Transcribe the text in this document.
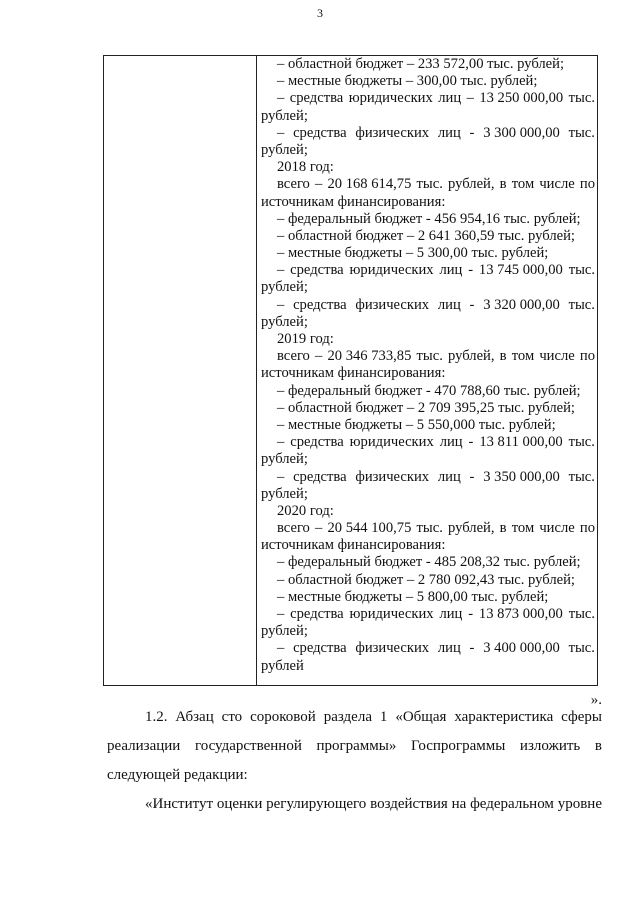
3
– областной бюджет – 233 572,00 тыс. рублей;
– местные бюджеты – 300,00 тыс. рублей;
– средства юридических лиц – 13 250 000,00 тыс.
рублей;
– средства физических лиц - 3 300 000,00 тыс.
рублей;
2018 год:
всего – 20 168 614,75 тыс. рублей, в том числе по
источникам финансирования:
– федеральный бюджет - 456 954,16 тыс. рублей;
– областной бюджет – 2 641 360,59 тыс. рублей;
– местные бюджеты – 5 300,00 тыс. рублей;
– средства юридических лиц - 13 745 000,00 тыс.
рублей;
– средства физических лиц - 3 320 000,00 тыс.
рублей;
2019 год:
всего – 20 346 733,85 тыс. рублей, в том числе по
источникам финансирования:
– федеральный бюджет - 470 788,60 тыс. рублей;
– областной бюджет – 2 709 395,25 тыс. рублей;
– местные бюджеты – 5 550,000 тыс. рублей;
– средства юридических лиц - 13 811 000,00 тыс.
рублей;
– средства физических лиц - 3 350 000,00 тыс.
рублей;
2020 год:
всего – 20 544 100,75 тыс. рублей, в том числе по
источникам финансирования:
– федеральный бюджет - 485 208,32 тыс. рублей;
– областной бюджет – 2 780 092,43 тыс. рублей;
– местные бюджеты – 5 800,00 тыс. рублей;
– средства юридических лиц - 13 873 000,00 тыс.
рублей;
– средства физических лиц - 3 400 000,00 тыс.
рублей
».
1.2. Абзац сто сороковой раздела 1 «Общая характеристика сферы
реализации государственной программы» Госпрограммы изложить в
следующей редакции:
«Институт оценки регулирующего воздействия на федеральном уровне
